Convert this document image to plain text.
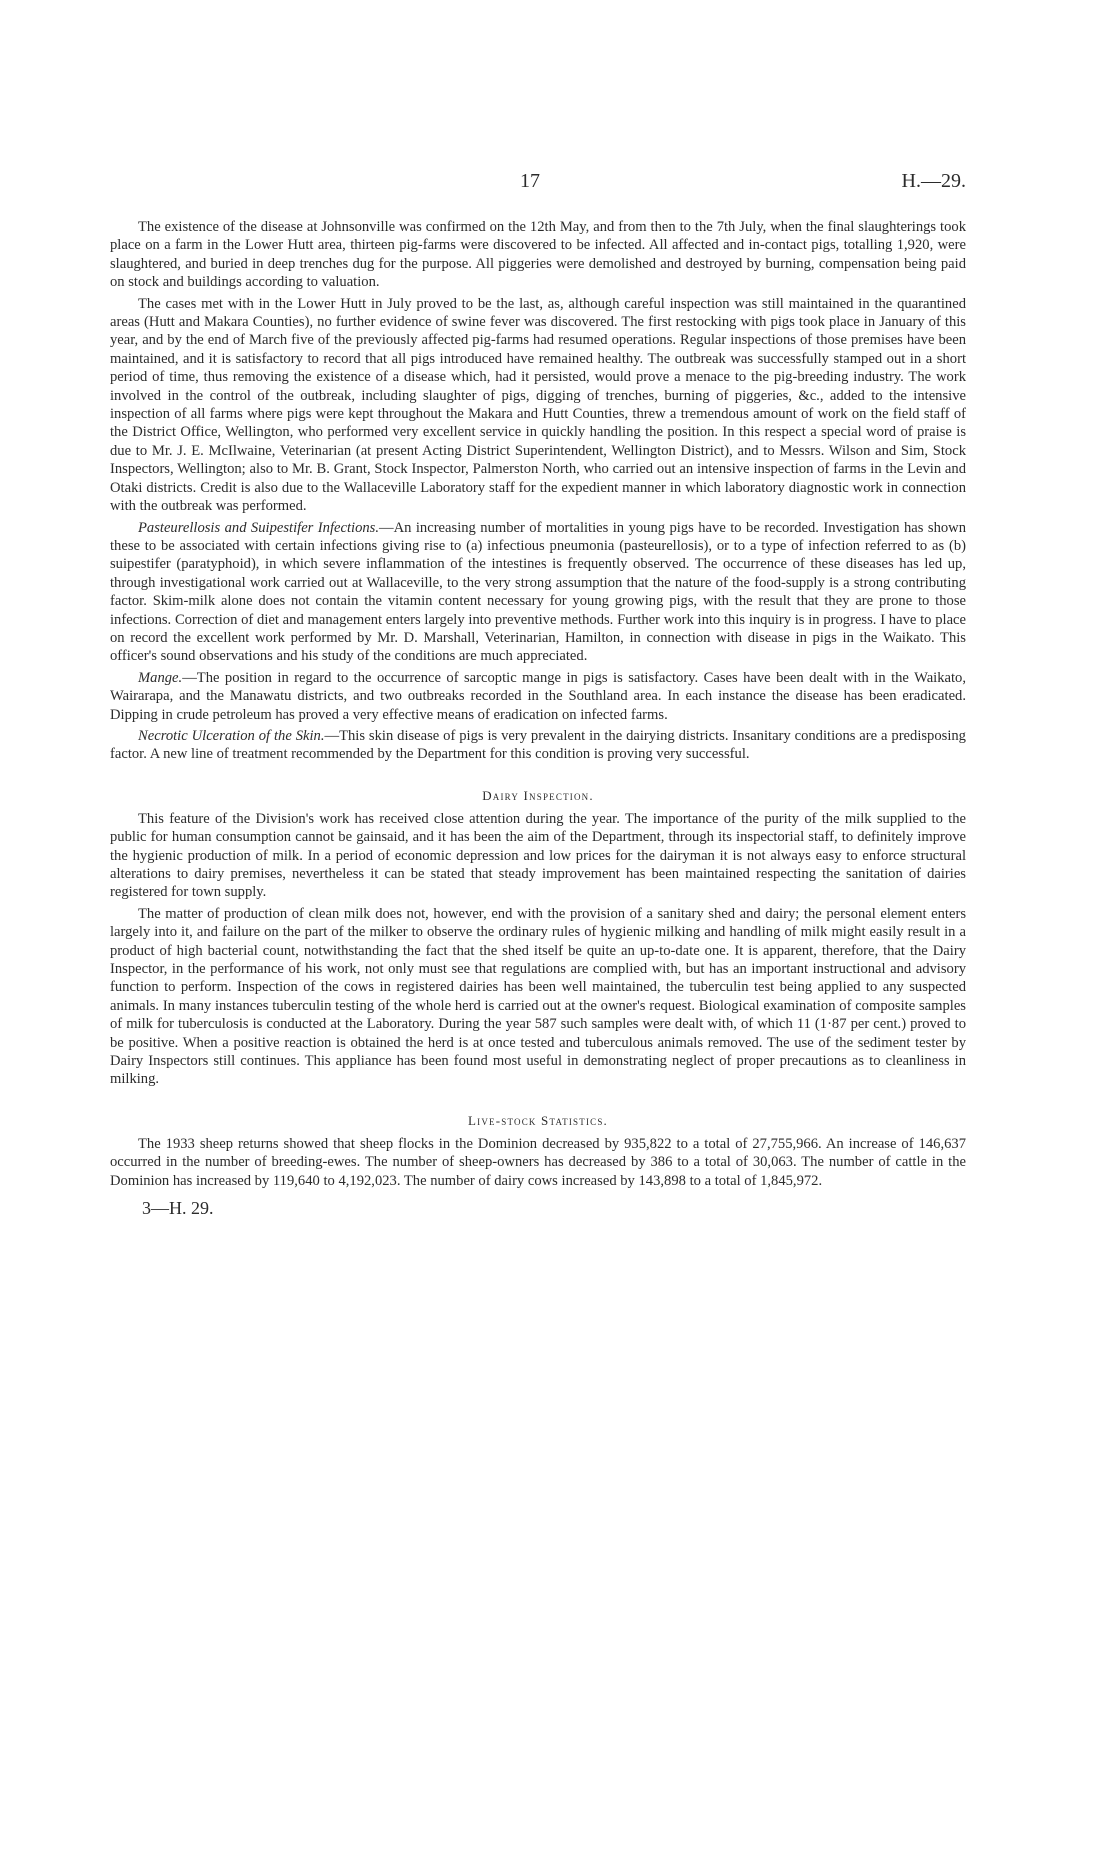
17	H.—29.

The existence of the disease at Johnsonville was confirmed on the 12th May, and from then to the 7th July, when the final slaughterings took place on a farm in the Lower Hutt area, thirteen pig-farms were discovered to be infected. All affected and in-contact pigs, totalling 1,920, were slaughtered, and buried in deep trenches dug for the purpose. All piggeries were demolished and destroyed by burning, compensation being paid on stock and buildings according to valuation.

The cases met with in the Lower Hutt in July proved to be the last, as, although careful inspection was still maintained in the quarantined areas (Hutt and Makara Counties), no further evidence of swine fever was discovered. The first restocking with pigs took place in January of this year, and by the end of March five of the previously affected pig-farms had resumed operations. Regular inspections of those premises have been maintained, and it is satisfactory to record that all pigs introduced have remained healthy. The outbreak was successfully stamped out in a short period of time, thus removing the existence of a disease which, had it persisted, would prove a menace to the pig-breeding industry. The work involved in the control of the outbreak, including slaughter of pigs, digging of trenches, burning of piggeries, &c., added to the intensive inspection of all farms where pigs were kept throughout the Makara and Hutt Counties, threw a tremendous amount of work on the field staff of the District Office, Wellington, who performed very excellent service in quickly handling the position. In this respect a special word of praise is due to Mr. J. E. McIlwaine, Veterinarian (at present Acting District Superintendent, Wellington District), and to Messrs. Wilson and Sim, Stock Inspectors, Wellington; also to Mr. B. Grant, Stock Inspector, Palmerston North, who carried out an intensive inspection of farms in the Levin and Otaki districts. Credit is also due to the Wallaceville Laboratory staff for the expedient manner in which laboratory diagnostic work in connection with the outbreak was performed.

Pasteurellosis and Suipestifer Infections.—An increasing number of mortalities in young pigs have to be recorded. Investigation has shown these to be associated with certain infections giving rise to (a) infectious pneumonia (pasteurellosis), or to a type of infection referred to as (b) suipestifer (paratyphoid), in which severe inflammation of the intestines is frequently observed. The occurrence of these diseases has led up, through investigational work carried out at Wallaceville, to the very strong assumption that the nature of the food-supply is a strong contributing factor. Skim-milk alone does not contain the vitamin content necessary for young growing pigs, with the result that they are prone to those infections. Correction of diet and management enters largely into preventive methods. Further work into this inquiry is in progress. I have to place on record the excellent work performed by Mr. D. Marshall, Veterinarian, Hamilton, in connection with disease in pigs in the Waikato. This officer's sound observations and his study of the conditions are much appreciated.

Mange.—The position in regard to the occurrence of sarcoptic mange in pigs is satisfactory. Cases have been dealt with in the Waikato, Wairarapa, and the Manawatu districts, and two outbreaks recorded in the Southland area. In each instance the disease has been eradicated. Dipping in crude petroleum has proved a very effective means of eradication on infected farms.

Necrotic Ulceration of the Skin.—This skin disease of pigs is very prevalent in the dairying districts. Insanitary conditions are a predisposing factor. A new line of treatment recommended by the Department for this condition is proving very successful.

Dairy Inspection.

This feature of the Division's work has received close attention during the year. The importance of the purity of the milk supplied to the public for human consumption cannot be gainsaid, and it has been the aim of the Department, through its inspectorial staff, to definitely improve the hygienic production of milk. In a period of economic depression and low prices for the dairyman it is not always easy to enforce structural alterations to dairy premises, nevertheless it can be stated that steady improvement has been maintained respecting the sanitation of dairies registered for town supply.

The matter of production of clean milk does not, however, end with the provision of a sanitary shed and dairy; the personal element enters largely into it, and failure on the part of the milker to observe the ordinary rules of hygienic milking and handling of milk might easily result in a product of high bacterial count, notwithstanding the fact that the shed itself be quite an up-to-date one. It is apparent, therefore, that the Dairy Inspector, in the performance of his work, not only must see that regulations are complied with, but has an important instructional and advisory function to perform. Inspection of the cows in registered dairies has been well maintained, the tuberculin test being applied to any suspected animals. In many instances tuberculin testing of the whole herd is carried out at the owner's request. Biological examination of composite samples of milk for tuberculosis is conducted at the Laboratory. During the year 587 such samples were dealt with, of which 11 (1·87 per cent.) proved to be positive. When a positive reaction is obtained the herd is at once tested and tuberculous animals removed. The use of the sediment tester by Dairy Inspectors still continues. This appliance has been found most useful in demonstrating neglect of proper precautions as to cleanliness in milking.

Live-stock Statistics.

The 1933 sheep returns showed that sheep flocks in the Dominion decreased by 935,822 to a total of 27,755,966. An increase of 146,637 occurred in the number of breeding-ewes. The number of sheep-owners has decreased by 386 to a total of 30,063. The number of cattle in the Dominion has increased by 119,640 to 4,192,023. The number of dairy cows increased by 143,898 to a total of 1,845,972.

3—H. 29.
